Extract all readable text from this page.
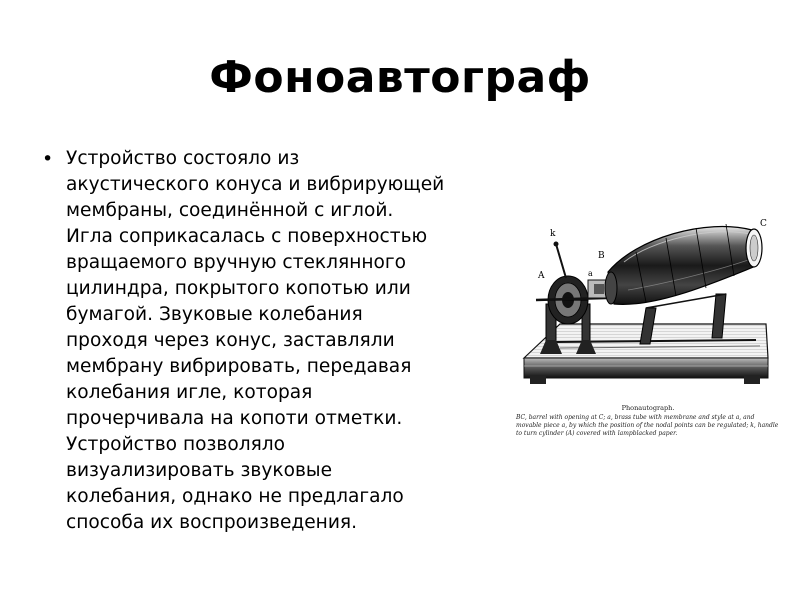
Фоноавтограф
• Устройство состояло из
акустического конуса и вибрирующей
мембраны, соединённой с иглой.
Игла соприкасалась с поверхностью
вращаемого вручную стеклянного
цилиндра, покрытого копотью или
бумагой. Звуковые колебания
проходя через конус, заставляли
мембрану вибрировать, передавая
колебания игле, которая
прочерчивала на копоти отметки.
Устройство позволяло
визуализировать звуковые
колебания, однако не предлагало
способа их воспроизведения.
k
B
A	a
C
Phonautograph.
BC, barrel with opening at C; a, brass tube with membrane and style at a, and movable piece a, by which the position of the nodal points can be regulated; k, handle to turn cylinder (A) covered with lampblacked paper.
